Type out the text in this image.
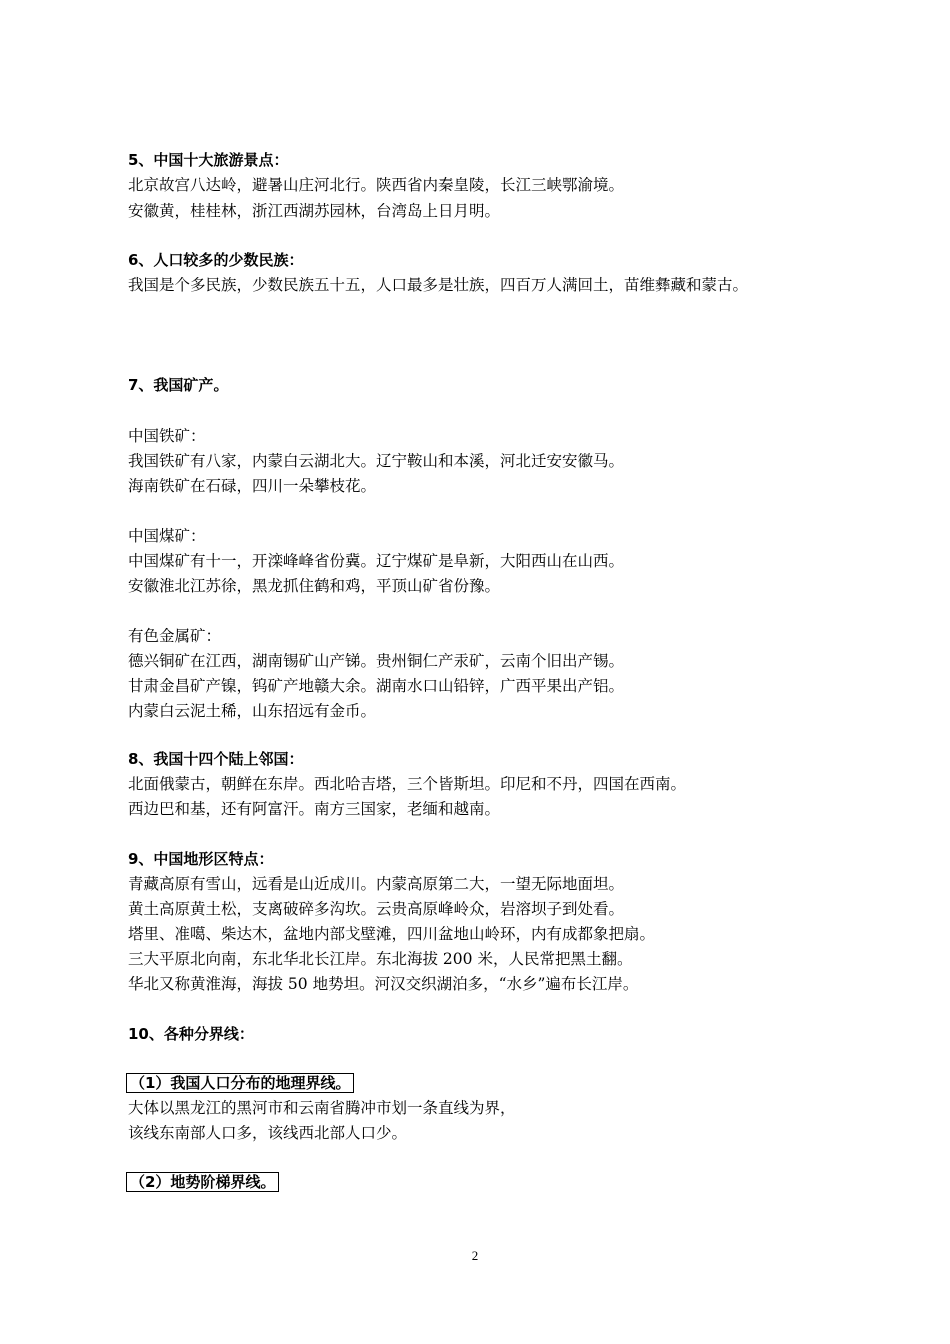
5、中国十大旅游景点：
北京故宫八达岭，避暑山庄河北行。陕西省内秦皇陵，长江三峡鄂渝境。
安徽黄，桂桂林，浙江西湖苏园林，台湾岛上日月明。
6、人口较多的少数民族：
我国是个多民族，少数民族五十五，人口最多是壮族，四百万人满回土，苗维彝藏和蒙古。
7、我国矿产。
中国铁矿：
我国铁矿有八家，内蒙白云湖北大。辽宁鞍山和本溪，河北迁安安徽马。
海南铁矿在石碌，四川一朵攀枝花。
中国煤矿：
中国煤矿有十一，开滦峰峰省份冀。辽宁煤矿是阜新，大阳西山在山西。
安徽淮北江苏徐，黑龙抓住鹤和鸡，平顶山矿省份豫。
有色金属矿：
德兴铜矿在江西，湖南锡矿山产锑。贵州铜仁产汞矿，云南个旧出产锡。
甘肃金昌矿产镍，钨矿产地赣大余。湖南水口山铅锌，广西平果出产铝。
内蒙白云泥土稀，山东招远有金币。
8、我国十四个陆上邻国：
北面俄蒙古，朝鲜在东岸。西北哈吉塔，三个皆斯坦。印尼和不丹，四国在西南。
西边巴和基，还有阿富汗。南方三国家，老缅和越南。
9、中国地形区特点：
青藏高原有雪山，远看是山近成川。内蒙高原第二大，一望无际地面坦。
黄土高原黄土松，支离破碎多沟坎。云贵高原峰岭众，岩溶坝子到处看。
塔里、准噶、柴达木，盆地内部戈壁滩，四川盆地山岭环，内有成都象把扇。
三大平原北向南，东北华北长江岸。东北海拔 200 米，人民常把黑土翻。
华北又称黄淮海，海拔 50 地势坦。河汉交织湖泊多，“水乡”遍布长江岸。
10、各种分界线：
（1）我国人口分布的地理界线。
大体以黑龙江的黑河市和云南省腾冲市划一条直线为界，
该线东南部人口多，该线西北部人口少。
（2）地势阶梯界线。
2
